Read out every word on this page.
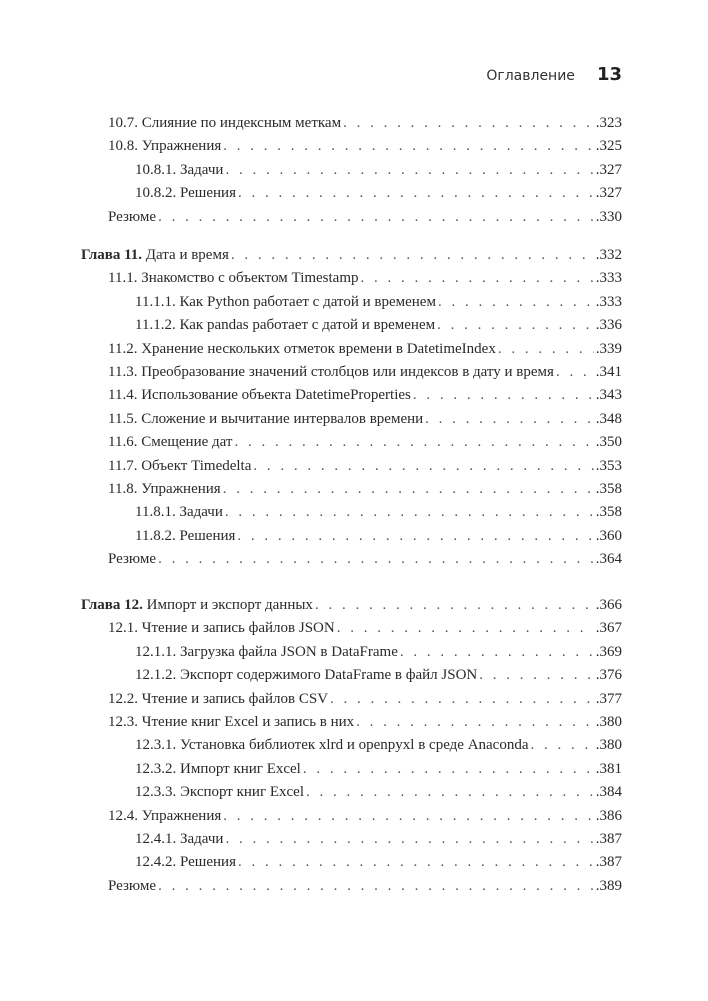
Оглавление 13
10.7. Слияние по индексным меткам . . .	.323
10.8. Упражнения . . .	.325
10.8.1. Задачи . . .	.327
10.8.2. Решения . . .	.327
Резюме . . .	.330
Глава 11. Дата и время . . .	.332
11.1. Знакомство с объектом Timestamp . . .	.333
11.1.1. Как Python работает с датой и временем . . .	.333
11.1.2. Как pandas работает с датой и временем . . .	.336
11.2. Хранение нескольких отметок времени в DatetimeIndex . . .	.339
11.3. Преобразование значений столбцов или индексов в дату и время . . .	.341
11.4. Использование объекта DatetimeProperties . . .	.343
11.5. Сложение и вычитание интервалов времени . . .	.348
11.6. Смещение дат . . .	.350
11.7. Объект Timedelta . . .	.353
11.8. Упражнения . . .	.358
11.8.1. Задачи . . .	.358
11.8.2. Решения . . .	.360
Резюме . . .	.364
Глава 12. Импорт и экспорт данных . . .	.366
12.1. Чтение и запись файлов JSON . . .	.367
12.1.1. Загрузка файла JSON в DataFrame . . .	.369
12.1.2. Экспорт содержимого DataFrame в файл JSON . . .	.376
12.2. Чтение и запись файлов CSV . . .	.377
12.3. Чтение книг Excel и запись в них . . .	.380
12.3.1. Установка библиотек xlrd и openpyxl в среде Anaconda . . .	.380
12.3.2. Импорт книг Excel . . .	.381
12.3.3. Экспорт книг Excel . . .	.384
12.4. Упражнения . . .	.386
12.4.1. Задачи . . .	.387
12.4.2. Решения . . .	.387
Резюме . . .	.389
